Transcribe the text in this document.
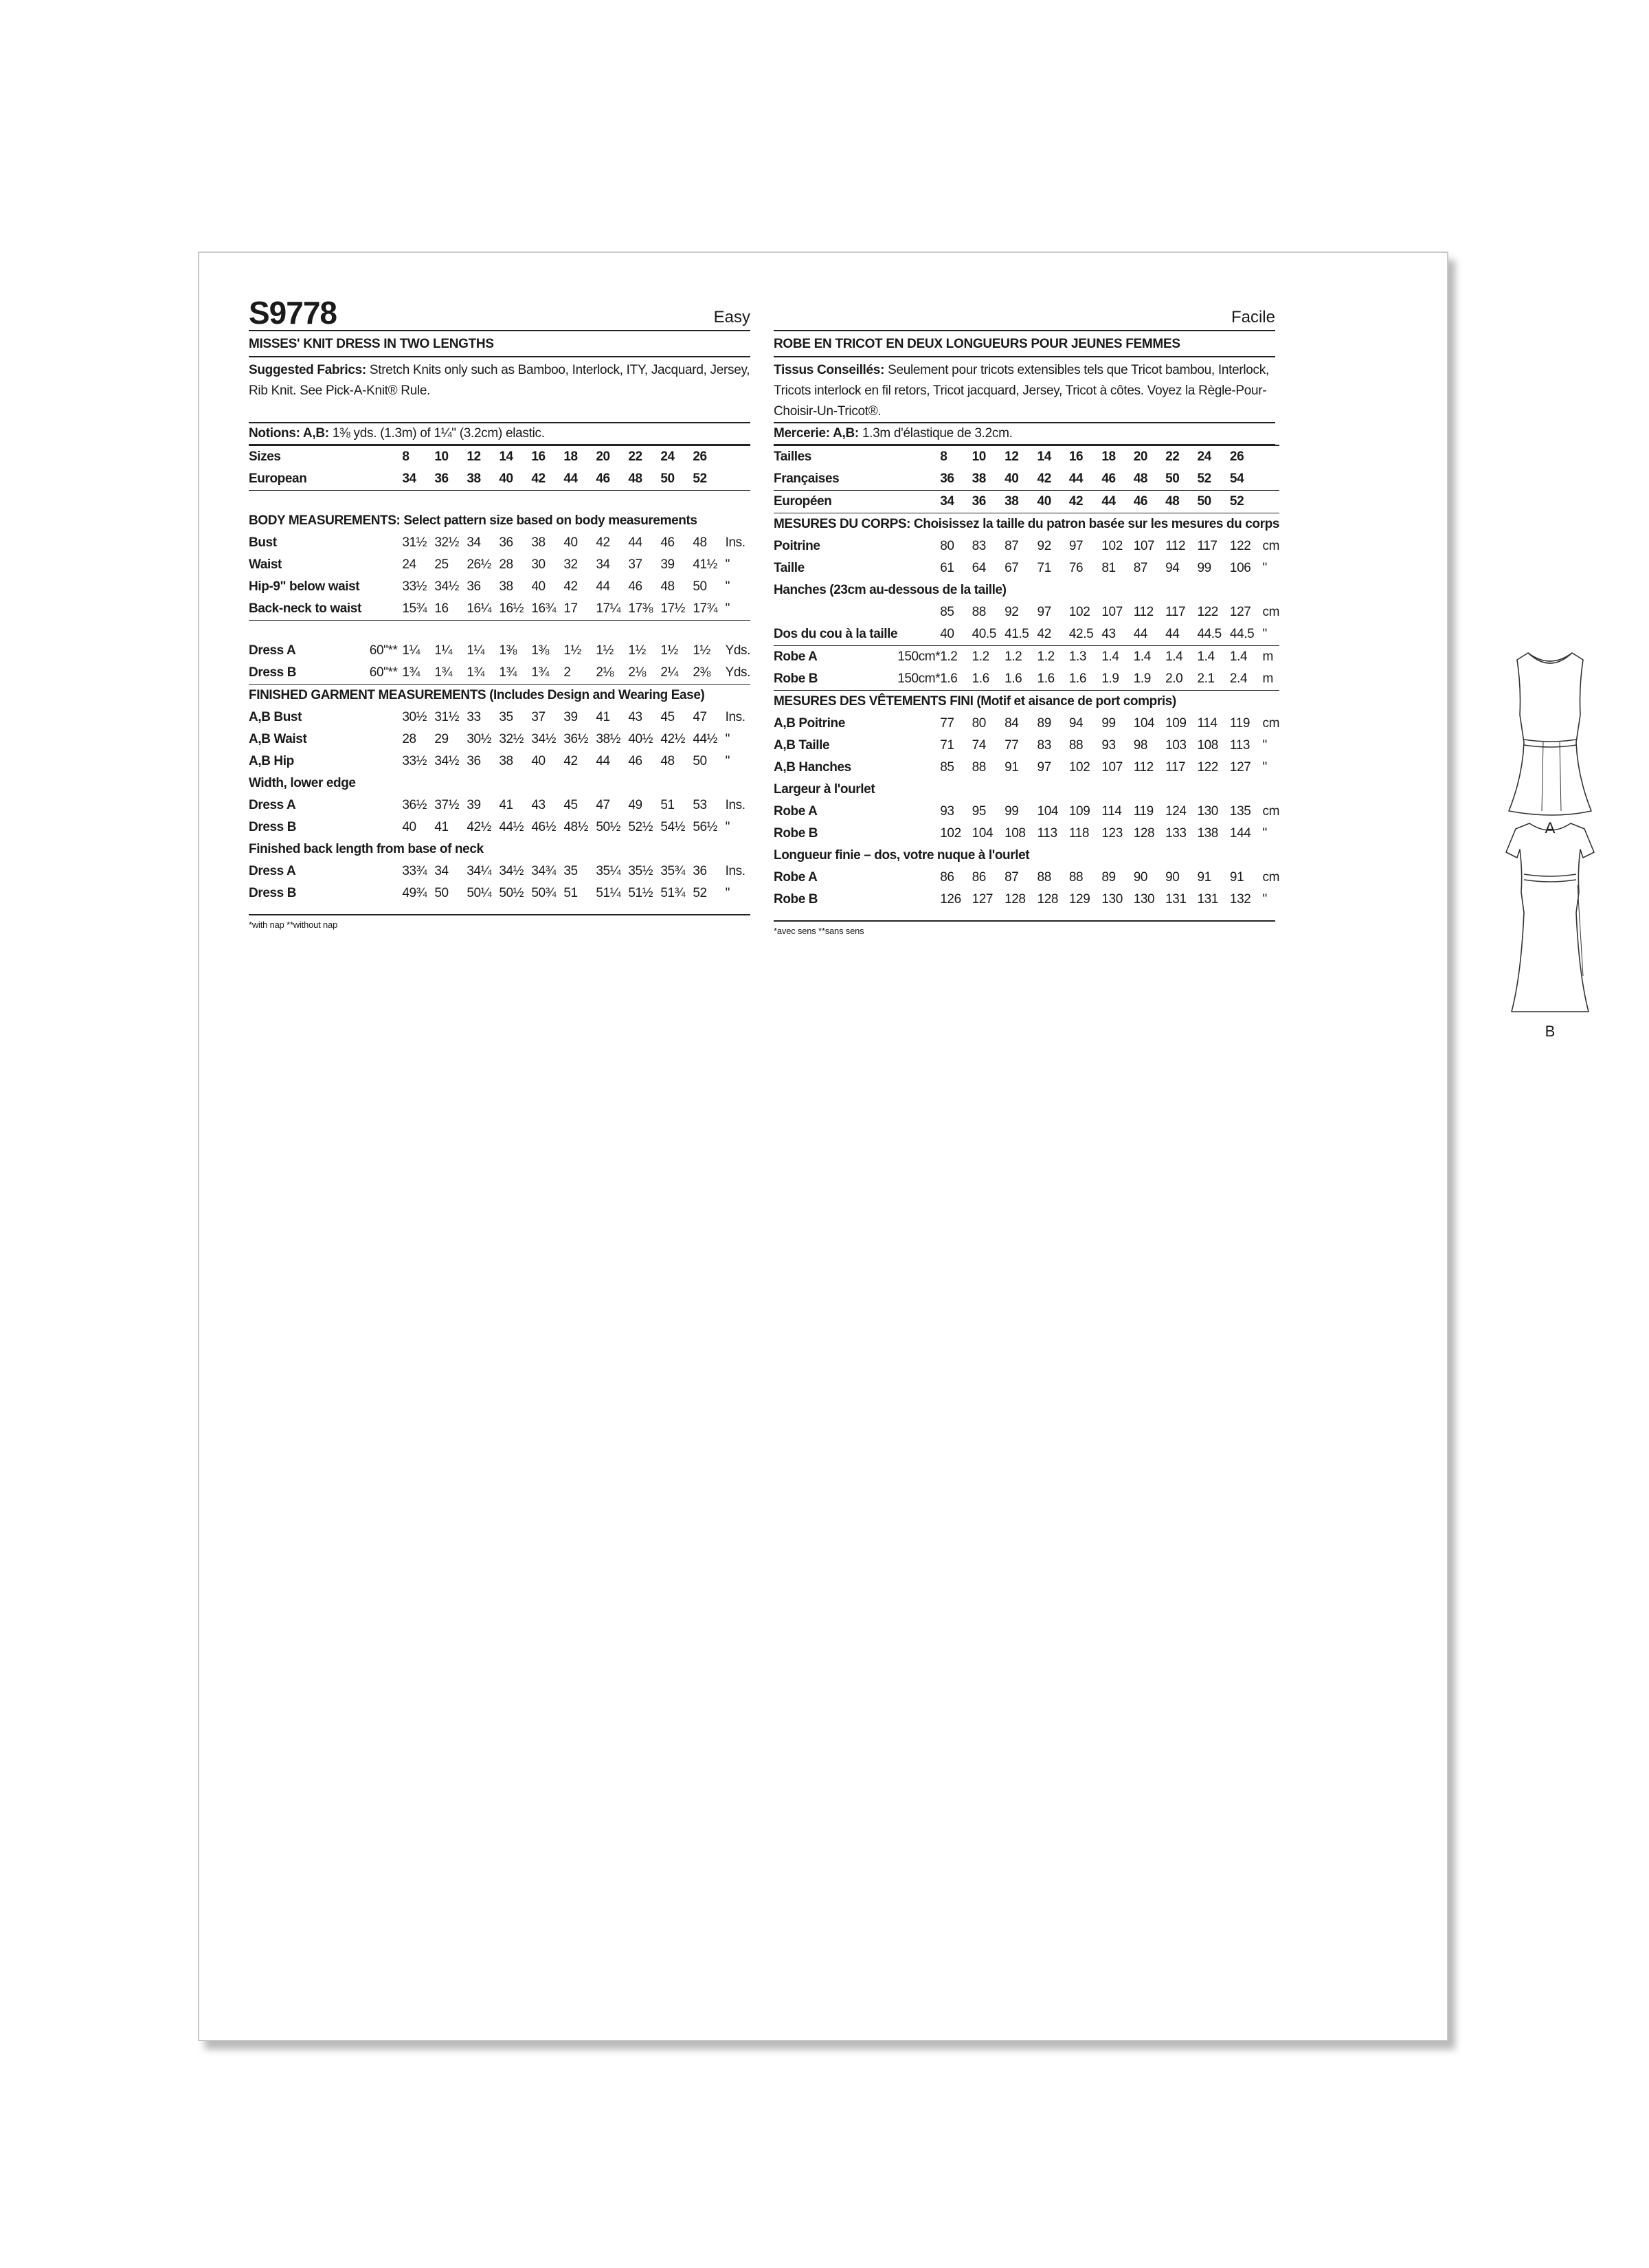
S9778	Easy
MISSES' KNIT DRESS IN TWO LENGTHS
Suggested Fabrics: Stretch Knits only such as Bamboo, Interlock, ITY, Jacquard, Jersey, Rib Knit. See Pick-A-Knit® Rule.
Notions: A,B: 1⅜ yds. (1.3m) of 1¼" (3.2cm) elastic.
Sizes		8	10	12	14	16	18	20	22	24	26	
European		34	36	38	40	42	44	46	48	50	52	

BODY MEASUREMENTS: Select pattern size based on body measurements												
Bust		31½	32½	34	36	38	40	42	44	46	48	Ins.
Waist		24	25	26½	28	30	32	34	37	39	41½	"
Hip-9" below waist		33½	34½	36	38	40	42	44	46	48	50	"
Back-neck to waist		15¾	16	16¼	16½	16¾	17	17¼	17⅜	17½	17¾	"

Dress A	60"**	1¼	1¼	1¼	1⅜	1⅜	1½	1½	1½	1½	1½	Yds.
Dress B	60"**	1¾	1¾	1¾	1¾	1¾	2	2⅛	2⅛	2¼	2⅜	Yds.
FINISHED GARMENT MEASUREMENTS (Includes Design and Wearing Ease)												
A,B Bust		30½	31½	33	35	37	39	41	43	45	47	Ins.
A,B Waist		28	29	30½	32½	34½	36½	38½	40½	42½	44½	"
A,B Hip		33½	34½	36	38	40	42	44	46	48	50	"
Width, lower edge												
Dress A		36½	37½	39	41	43	45	47	49	51	53	Ins.
Dress B		40	41	42½	44½	46½	48½	50½	52½	54½	56½	"
Finished back length from base of neck												
Dress A		33¾	34	34¼	34½	34¾	35	35¼	35½	35¾	36	Ins.
Dress B		49¾	50	50¼	50½	50¾	51	51¼	51½	51¾	52	"
*with nap **without nap
Facile
ROBE EN TRICOT EN DEUX LONGUEURS POUR JEUNES FEMMES
Tissus Conseillés: Seulement pour tricots extensibles tels que Tricot bambou, Interlock, Tricots interlock en fil retors, Tricot jacquard, Jersey, Tricot à côtes. Voyez la Règle-Pour-Choisir-Un-Tricot®.
Mercerie: A,B: 1.3m d'élastique de 3.2cm.
Tailles		8	10	12	14	16	18	20	22	24	26	
Françaises		36	38	40	42	44	46	48	50	52	54	
Européen		34	36	38	40	42	44	46	48	50	52	
MESURES DU CORPS: Choisissez la taille du patron basée sur les mesures du corps												
Poitrine		80	83	87	92	97	102	107	112	117	122	cm
Taille		61	64	67	71	76	81	87	94	99	106	"
Hanches (23cm au-dessous de la taille)												
		85	88	92	97	102	107	112	117	122	127	cm
Dos du cou à la taille		40	40.5	41.5	42	42.5	43	44	44	44.5	44.5	"
Robe A	150cm*	1.2	1.2	1.2	1.2	1.3	1.4	1.4	1.4	1.4	1.4	m
Robe B	150cm*	1.6	1.6	1.6	1.6	1.6	1.9	1.9	2.0	2.1	2.4	m
MESURES DES VÊTEMENTS FINI (Motif et aisance de port compris)												
A,B Poitrine		77	80	84	89	94	99	104	109	114	119	cm
A,B Taille		71	74	77	83	88	93	98	103	108	113	"
A,B Hanches		85	88	91	97	102	107	112	117	122	127	"
Largeur à l'ourlet												
Robe A		93	95	99	104	109	114	119	124	130	135	cm
Robe B		102	104	108	113	118	123	128	133	138	144	"
Longueur finie – dos, votre nuque à l'ourlet												
Robe A		86	86	87	88	88	89	90	90	91	91	cm
Robe B		126	127	128	128	129	130	130	131	131	132	"
*avec sens **sans sens
A
B
